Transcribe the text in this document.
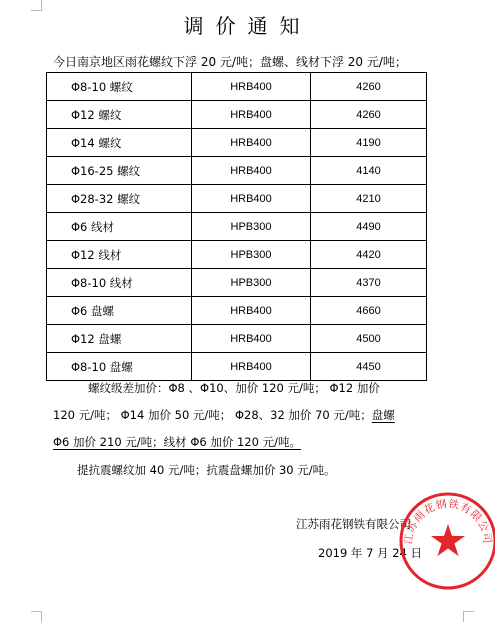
调价通知
今日南京地区雨花螺纹下浮 20 元/吨；盘螺、线材下浮 20 元/吨；
Φ8-10 螺纹	HRB400	4260
Φ12 螺纹	HRB400	4260
Φ14 螺纹	HRB400	4190
Φ16-25 螺纹	HRB400	4140
Φ28-32 螺纹	HRB400	4210
Φ6 线材	HPB300	4490
Φ12 线材	HPB300	4420
Φ8-10 线材	HPB300	4370
Φ6 盘螺	HRB400	4660
Φ12 盘螺	HRB400	4500
Φ8-10 盘螺	HRB400	4450
螺纹级差加价：Φ8 、Φ10、加价 120 元/吨； Φ12 加价
120 元/吨； Φ14 加价 50 元/吨； Φ28、32 加价 70 元/吨；盘螺
Φ6 加价 210 元/吨；线材 Φ6 加价 120 元/吨。
提抗震螺纹加 40 元/吨；抗震盘螺加价 30 元/吨。
江苏雨花钢铁有限公司
2019 年 7 月 24 日
江苏雨花钢铁有限公司
